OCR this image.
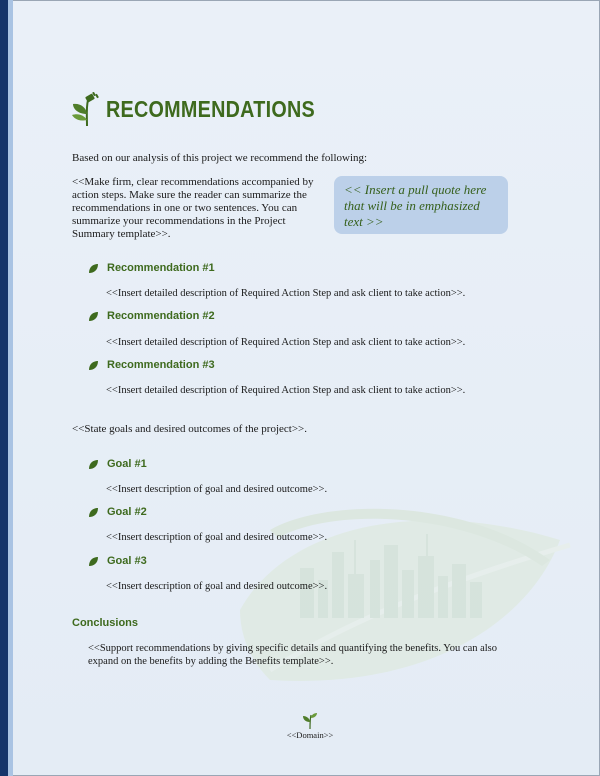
RECOMMENDATIONS
Based on our analysis of this project we recommend the following:
<<Make firm, clear recommendations accompanied by action steps. Make sure the reader can summarize the recommendations in one or two sentences. You can summarize your recommendations in the Project Summary template>>.
<< Insert a pull quote here that will be in emphasized text >>
Recommendation #1
<<Insert detailed description of Required Action Step and ask client to take action>>.
Recommendation #2
<<Insert detailed description of Required Action Step and ask client to take action>>.
Recommendation #3
<<Insert detailed description of Required Action Step and ask client to take action>>.
<<State goals and desired outcomes of the project>>.
Goal #1
<<Insert description of goal and desired outcome>>.
Goal #2
<<Insert description of goal and desired outcome>>.
Goal #3
<<Insert description of goal and desired outcome>>.
Conclusions
<<Support recommendations by giving specific details and quantifying the benefits. You can also expand on the benefits by adding the Benefits template>>.
<<Domain>>
